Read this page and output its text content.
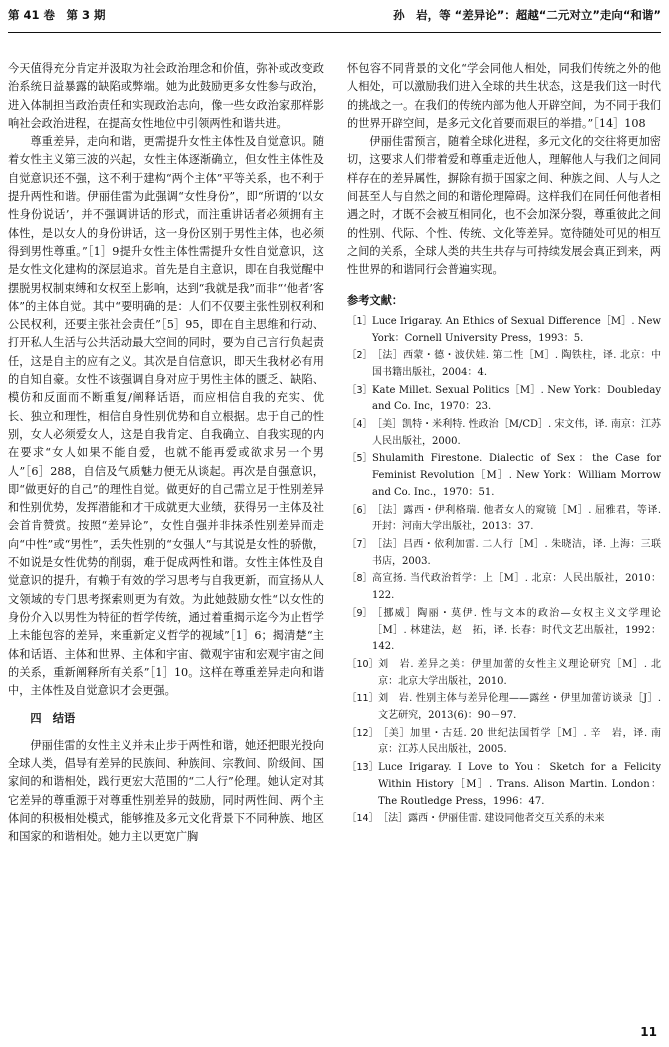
第 41 卷　第 3 期	孙　岩，等 “差异论”：超越“二元对立”走向“和谐”

今天值得充分肯定并汲取为社会政治理念和价值，弥补或改变政治系统日益暴露的缺陷或弊端。她为此鼓励更多女性参与政治，进入体制担当政治责任和实现政治志向，像一些女政治家那样影响社会政治进程，在提高女性地位中引领两性和谐共进。

尊重差异，走向和谐，更需提升女性主体性及自觉意识。随着女性主义第三波的兴起，女性主体逐渐确立，但女性主体性及自觉意识还不强，这不利于建构“两个主体”平等关系，也不利于提升两性和谐。伊丽佳雷为此强调“女性身份”，即“所谓的‘以女性身份说话’，并不强调讲话的形式，而注重讲话者必须拥有主体性，是以女人的身份讲话，这一身份区别于男性主体，也必须得到男性尊重。”［1］9提升女性主体性需提升女性自觉意识，这是女性文化建构的深层追求。首先是自主意识，即在自我觉醒中摆脱男权制束缚和女权至上影响，达到“我就是我”而非“‘他者’客体”的主体自觉。其中“要明确的是：人们不仅要主张性别权利和公民权利，还要主张社会责任”［5］95，即在自主思维和行动、打开私人生活与公共活动最大空间的同时，要为自己言行负起责任，这是自主的应有之义。其次是自信意识，即天生我材必有用的自知自豪。女性不该强调自身对应于男性主体的匮乏、缺陷、模仿和反面而不断重复/阐释话语，而应相信自我的充实、优长、独立和理性，相信自身性别优势和自立根据。忠于自己的性别，女人必须爱女人，这是自我肯定、自我确立、自我实现的内在要求“女人如果不能自爱，也就不能再爱或欲求另一个男人”［6］288，自信及气质魅力便无从谈起。再次是自强意识，即“做更好的自己”的理性自觉。做更好的自己需立足于性别差异和性别优势，发挥潜能和才干成就更大业绩，获得另一主体及社会首肯赞赏。按照“差异论”，女性自强并非抹杀性别差异而走向“中性”或“男性”，丢失性别的“女强人”与其说是女性的骄傲，不如说是女性优势的削弱，难于促成两性和谐。女性主体性及自觉意识的提升，有赖于有效的学习思考与自我更新，而宣扬从人文领域的专门思考探索则更为有效。为此她鼓励女性“以女性的身份介入以男性为特征的哲学传统，通过着重揭示迄今为止哲学上未能包容的差异，来重新定义哲学的视域”［1］6；揭清楚“主体和话语、主体和世界、主体和宇宙、微观宇宙和宏观宇宙之间的关系，重新阐释所有关系”［1］10。这样在尊重差异走向和谐中，主体性及自觉意识才会更强。

四　结语

伊丽佳雷的女性主义并未止步于两性和谐，她还把眼光投向全球人类，倡导有差异的民族间、种族间、宗教间、阶级间、国家间的和谐相处，践行更宏大范围的“二人行”伦理。她认定对其它差异的尊重源于对尊重性别差异的鼓励，同时两性间、两个主体间的积极相处模式，能够推及多元文化背景下不同种族、地区和国家的和谐相处。她力主以更宽广胸

怀包容不同背景的文化“学会同他人相处，同我们传统之外的他人相处，可以激励我们进入全球的共生状态，这是我们这一时代的挑战之一。在我们的传统内部为他人开辟空间，为不同于我们的世界开辟空间，是多元文化首要而艰巨的举措。”［14］108

伊丽佳雷预言，随着全球化进程，多元文化的交往将更加密切，这要求人们带着爱和尊重走近他人，理解他人与我们之间同样存在的差异属性，摒除有损于国家之间、种族之间、人与人之间甚至人与自然之间的和谐伦理障碍。这样我们在同任何他者相遇之时，才既不会被互相同化，也不会加深分裂，尊重彼此之间的性别、代际、个性、传统、文化等差异。宽待随处可见的相互之间的关系，全球人类的共生共存与可持续发展会真正到来，两性世界的和谐同行会普遍实现。

参考文献：
［1］ Luce Irigaray. An Ethics of Sexual Difference［M］. New York：Cornell University Press，1993：5.
［2］ ［法］西蒙・德・波伏娃. 第二性［M］. 陶铁柱，译. 北京：中国书籍出版社，2004：4.
［3］ Kate Millet. Sexual Politics［M］. New York：Doubleday and Co. Inc，1970：23.
［4］ ［美］凯特・米利特. 性政治［M/CD］. 宋文伟，译. 南京：江苏人民出版社，2000.
［5］ Shulamith Firestone. Dialectic of Sex：the Case for Feminist Revolution［M］. New York：William Morrow and Co. Inc.，1970：51.
［6］ ［法］露西・伊利格瑞. 他者女人的窥镜［M］. 屈雅君，等译. 开封：河南大学出版社，2013：37.
［7］ ［法］吕西・依利加雷. 二人行［M］. 朱晓洁，译. 上海：三联书店，2003.
［8］ 高宣扬. 当代政治哲学：上［M］. 北京：人民出版社，2010：122.
［9］ ［挪威］陶丽・莫伊. 性与文本的政治—女权主义文学理论［M］. 林建法，赵　拓，译. 长春：时代文艺出版社，1992：142.
［10］ 刘　岩. 差异之美：伊里加蕾的女性主义理论研究［M］. 北京：北京大学出版社，2010.
［11］ 刘　岩. 性别主体与差异伦理——露丝・伊里加蕾访谈录［J］. 文艺研究，2013(6)：90－97.
［12］ ［美］加里・古廷. 20 世纪法国哲学［M］. 辛　岩，译. 南京：江苏人民出版社，2005.
［13］ Luce Irigaray. I Love to You：Sketch for a Felicity Within History［M］. Trans. Alison Martin. London：The Routledge Press，1996：47.
［14］ ［法］露西・伊丽佳雷. 建设同他者交互关系的未来
11
